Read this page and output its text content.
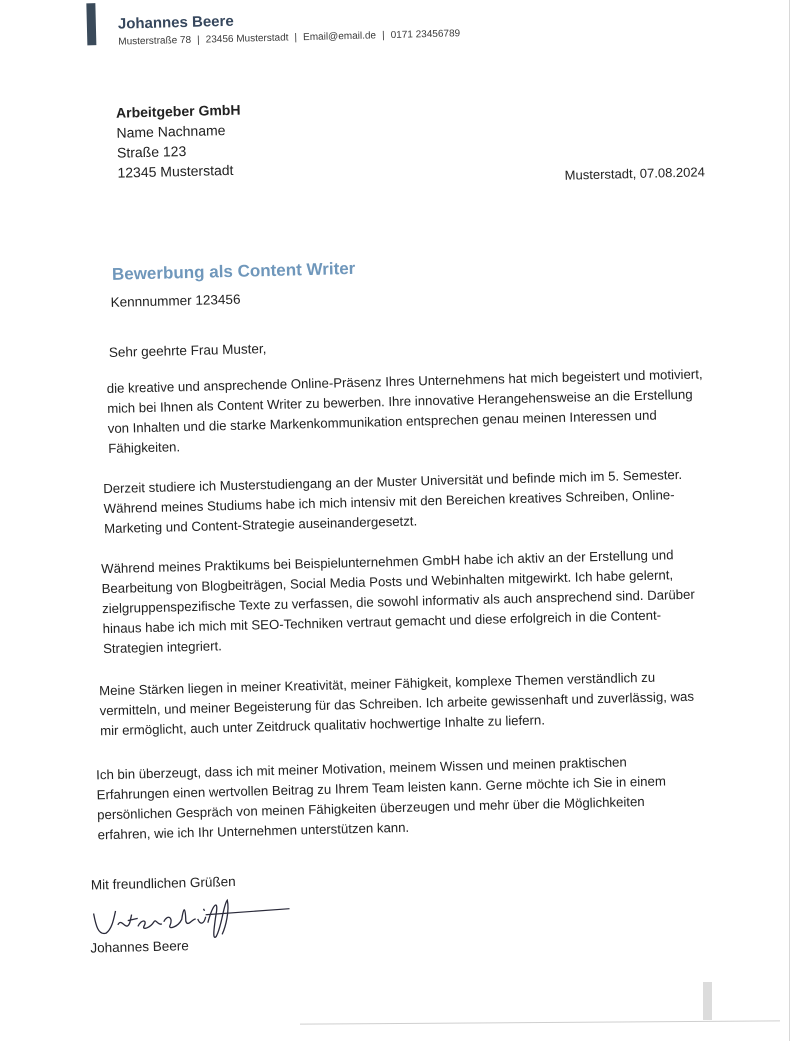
Johannes Beere
Musterstraße 78 | 23456 Musterstadt | Email@email.de | 0171 23456789
Arbeitgeber GmbH
Name Nachname
Straße 123
12345 Musterstadt	Musterstadt, 07.08.2024
Bewerbung als Content Writer
Kennnummer 123456
Sehr geehrte Frau Muster,
die kreative und ansprechende Online-Präsenz Ihres Unternehmens hat mich begeistert und motiviert, mich bei Ihnen als Content Writer zu bewerben. Ihre innovative Herangehensweise an die Erstellung von Inhalten und die starke Markenkommunikation entsprechen genau meinen Interessen und Fähigkeiten.
Derzeit studiere ich Musterstudiengang an der Muster Universität und befinde mich im 5. Semester. Während meines Studiums habe ich mich intensiv mit den Bereichen kreatives Schreiben, Online-Marketing und Content-Strategie auseinandergesetzt.
Während meines Praktikums bei Beispielunternehmen GmbH habe ich aktiv an der Erstellung und Bearbeitung von Blogbeiträgen, Social Media Posts und Webinhalten mitgewirkt. Ich habe gelernt, zielgruppenspezifische Texte zu verfassen, die sowohl informativ als auch ansprechend sind. Darüber hinaus habe ich mich mit SEO-Techniken vertraut gemacht und diese erfolgreich in die Content-Strategien integriert.
Meine Stärken liegen in meiner Kreativität, meiner Fähigkeit, komplexe Themen verständlich zu vermitteln, und meiner Begeisterung für das Schreiben. Ich arbeite gewissenhaft und zuverlässig, was mir ermöglicht, auch unter Zeitdruck qualitativ hochwertige Inhalte zu liefern.
Ich bin überzeugt, dass ich mit meiner Motivation, meinem Wissen und meinen praktischen Erfahrungen einen wertvollen Beitrag zu Ihrem Team leisten kann. Gerne möchte ich Sie in einem persönlichen Gespräch von meinen Fähigkeiten überzeugen und mehr über die Möglichkeiten erfahren, wie ich Ihr Unternehmen unterstützen kann.
Mit freundlichen Grüßen
Johannes Beere
